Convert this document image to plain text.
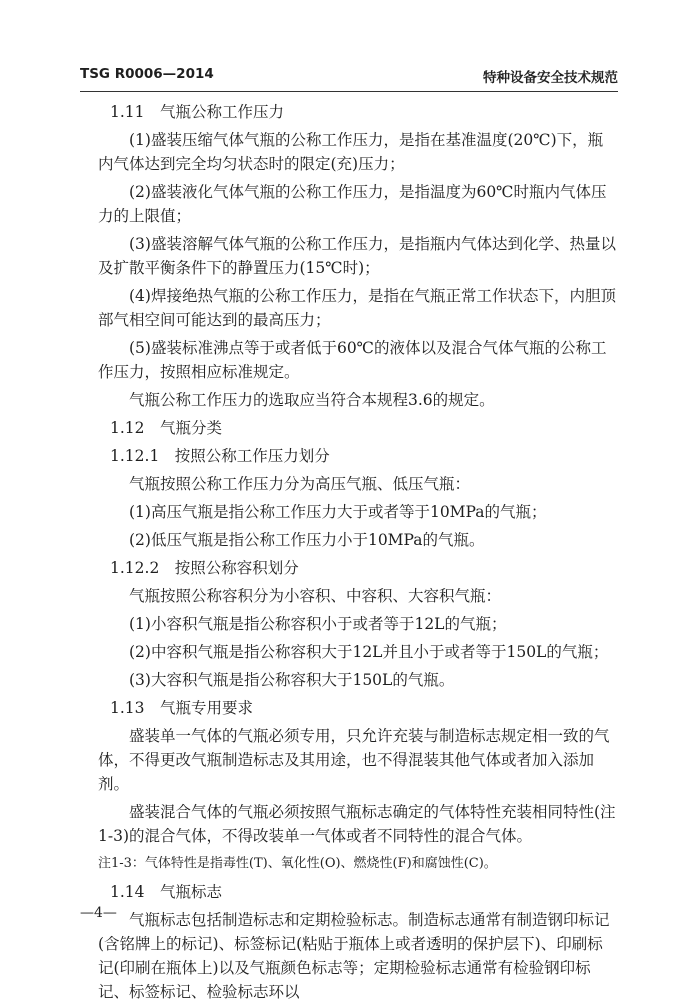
TSG R0006—2014	特种设备安全技术规范

1.11　气瓶公称工作压力

(1)盛装压缩气体气瓶的公称工作压力，是指在基准温度(20℃)下，瓶内气体达到完全均匀状态时的限定(充)压力；

(2)盛装液化气体气瓶的公称工作压力，是指温度为60℃时瓶内气体压力的上限值；

(3)盛装溶解气体气瓶的公称工作压力，是指瓶内气体达到化学、热量以及扩散平衡条件下的静置压力(15℃时)；

(4)焊接绝热气瓶的公称工作压力，是指在气瓶正常工作状态下，内胆顶部气相空间可能达到的最高压力；

(5)盛装标准沸点等于或者低于60℃的液体以及混合气体气瓶的公称工作压力，按照相应标准规定。

气瓶公称工作压力的选取应当符合本规程3.6的规定。

1.12　气瓶分类

1.12.1　按照公称工作压力划分

气瓶按照公称工作压力分为高压气瓶、低压气瓶：

(1)高压气瓶是指公称工作压力大于或者等于10MPa的气瓶；

(2)低压气瓶是指公称工作压力小于10MPa的气瓶。

1.12.2　按照公称容积划分

气瓶按照公称容积分为小容积、中容积、大容积气瓶：

(1)小容积气瓶是指公称容积小于或者等于12L的气瓶；

(2)中容积气瓶是指公称容积大于12L并且小于或者等于150L的气瓶；

(3)大容积气瓶是指公称容积大于150L的气瓶。

1.13　气瓶专用要求

盛装单一气体的气瓶必须专用，只允许充装与制造标志规定相一致的气体，不得更改气瓶制造标志及其用途，也不得混装其他气体或者加入添加剂。

盛装混合气体的气瓶必须按照气瓶标志确定的气体特性充装相同特性(注1-3)的混合气体，不得改装单一气体或者不同特性的混合气体。

注1-3：气体特性是指毒性(T)、氧化性(O)、燃烧性(F)和腐蚀性(C)。

1.14　气瓶标志

气瓶标志包括制造标志和定期检验标志。制造标志通常有制造钢印标记(含铭牌上的标记)、标签标记(粘贴于瓶体上或者透明的保护层下)、印刷标记(印刷在瓶体上)以及气瓶颜色标志等；定期检验标志通常有检验钢印标记、标签标记、检验标志环以

—4—
